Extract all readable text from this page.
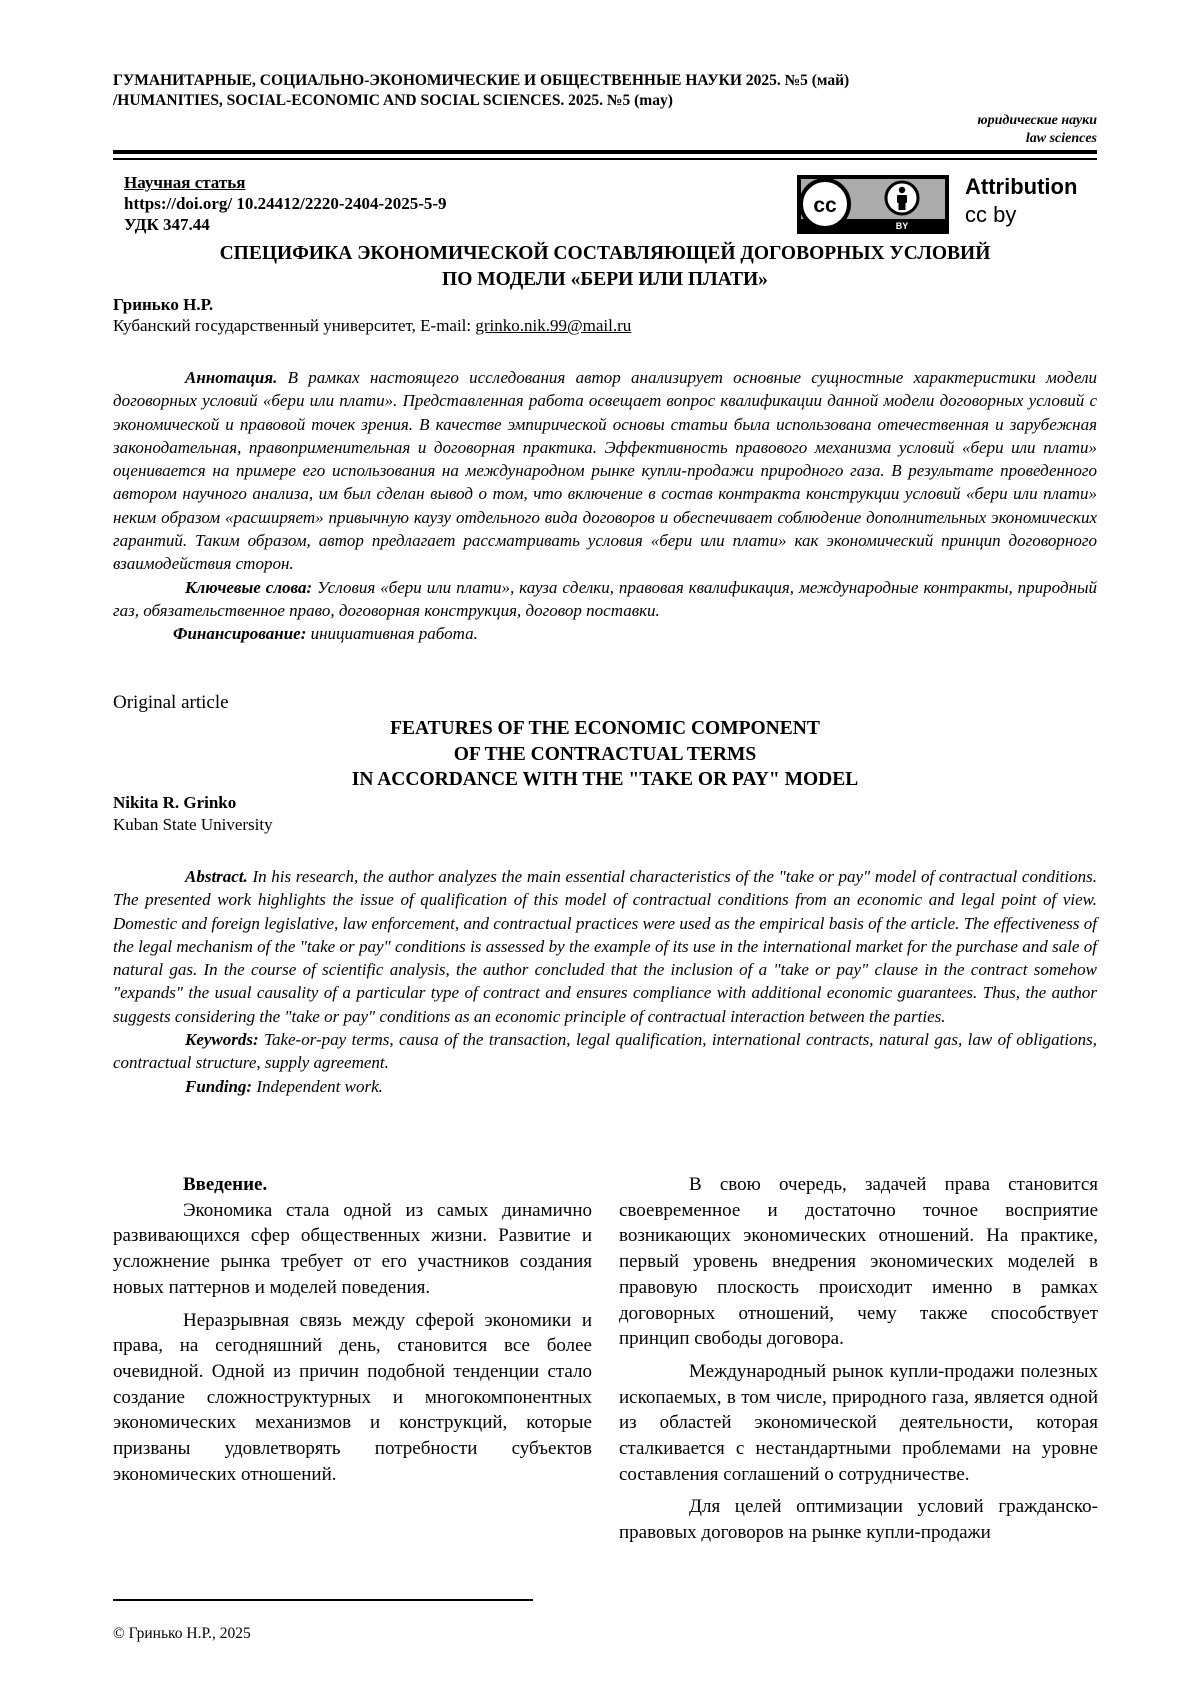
ГУМАНИТАРНЫЕ, СОЦИАЛЬНО-ЭКОНОМИЧЕСКИЕ И ОБЩЕСТВЕННЫЕ НАУКИ 2025. №5 (май)
/HUMANITIES, SOCIAL-ECONOMIC AND SOCIAL SCIENCES. 2025. №5 (may)
юридические науки
law sciences
Научная статья
https://doi.org/ 10.24412/2220-2404-2025-5-9
УДК 347.44
cc
BY
Attribution
cc by
СПЕЦИФИКА ЭКОНОМИЧЕСКОЙ СОСТАВЛЯЮЩЕЙ ДОГОВОРНЫХ УСЛОВИЙ
ПО МОДЕЛИ «БЕРИ ИЛИ ПЛАТИ»
Гринько Н.Р.
Кубанский государственный университет, E-mail: grinko.nik.99@mail.ru

Аннотация. В рамках настоящего исследования автор анализирует основные сущностные характеристики модели договорных условий «бери или плати». Представленная работа освещает вопрос квалификации данной модели договорных условий с экономической и правовой точек зрения. В качестве эмпирической основы статьи была использована отечественная и зарубежная законодательная, правоприменительная и договорная практика. Эффективность правового механизма условий «бери или плати» оценивается на примере его использования на международном рынке купли-продажи природного газа. В результате проведенного автором научного анализа, им был сделан вывод о том, что включение в состав контракта конструкции условий «бери или плати» неким образом «расширяет» привычную каузу отдельного вида договоров и обеспечивает соблюдение дополнительных экономических гарантий. Таким образом, автор предлагает рассматривать условия «бери или плати» как экономический принцип договорного взаимодействия сторон.

Ключевые слова: Условия «бери или плати», кауза сделки, правовая квалификация, международные контракты, природный газ, обязательственное право, договорная конструкция, договор поставки.

Финансирование: инициативная работа.

Original article
FEATURES OF THE ECONOMIC COMPONENT
OF THE CONTRACTUAL TERMS
IN ACCORDANCE WITH THE "TAKE OR PAY" MODEL
Nikita R. Grinko
Kuban State University

Abstract. In his research, the author analyzes the main essential characteristics of the "take or pay" model of contractual conditions. The presented work highlights the issue of qualification of this model of contractual conditions from an economic and legal point of view. Domestic and foreign legislative, law enforcement, and contractual practices were used as the empirical basis of the article. The effectiveness of the legal mechanism of the "take or pay" conditions is assessed by the example of its use in the international market for the purchase and sale of natural gas. In the course of scientific analysis, the author concluded that the inclusion of a "take or pay" clause in the contract somehow "expands" the usual causality of a particular type of contract and ensures compliance with additional economic guarantees. Thus, the author suggests considering the "take or pay" conditions as an economic principle of contractual interaction between the parties.

Keywords: Take-or-pay terms, causa of the transaction, legal qualification, international contracts, natural gas, law of obligations, contractual structure, supply agreement.

Funding: Independent work.

Введение.

Экономика стала одной из самых динамично развивающихся сфер общественных жизни. Развитие и усложнение рынка требует от его участников создания новых паттернов и моделей поведения.

Неразрывная связь между сферой экономики и права, на сегодняшний день, становится все более очевидной. Одной из причин подобной тенденции стало создание сложноструктурных и многокомпонентных экономических механизмов и конструкций, которые призваны удовлетворять потребности субъектов экономических отношений.

В свою очередь, задачей права становится своевременное и достаточно точное восприятие возникающих экономических отношений. На практике, первый уровень внедрения экономических моделей в правовую плоскость происходит именно в рамках договорных отношений, чему также способствует принцип свободы договора.

Международный рынок купли-продажи полезных ископаемых, в том числе, природного газа, является одной из областей экономической деятельности, которая сталкивается с нестандартными проблемами на уровне составления соглашений о сотрудничестве.

Для целей оптимизации условий гражданско-правовых договоров на рынке купли-продажи

© Гринько Н.Р., 2025
